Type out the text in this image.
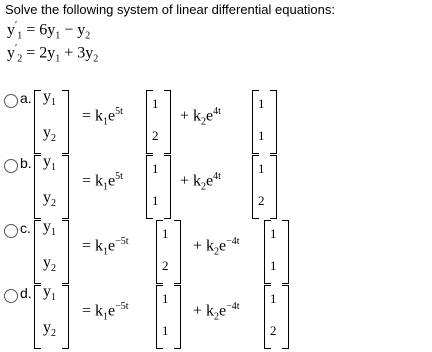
Solve the following system of linear differential equations:
$y'_1 = 6y_1 - y_2$
$y'_2 = 2y_1 + 3y_2$
a. $y_1$
$y_2$
= $k_1e^{5t}$
1
2
+ $k_2e^{4t}$
1
1
b. $y_1$
$y_2$
= $k_1e^{5t}$
1
1
+ $k_2e^{4t}$
1
2
c. $y_1$
$y_2$
= $k_1e^{-5t}$
1
2
+ $k_2e^{-4t}$
1
1
d. $y_1$
$y_2$
= $k_1e^{-5t}$
1
1
+ $k_2e^{-4t}$
1
2
